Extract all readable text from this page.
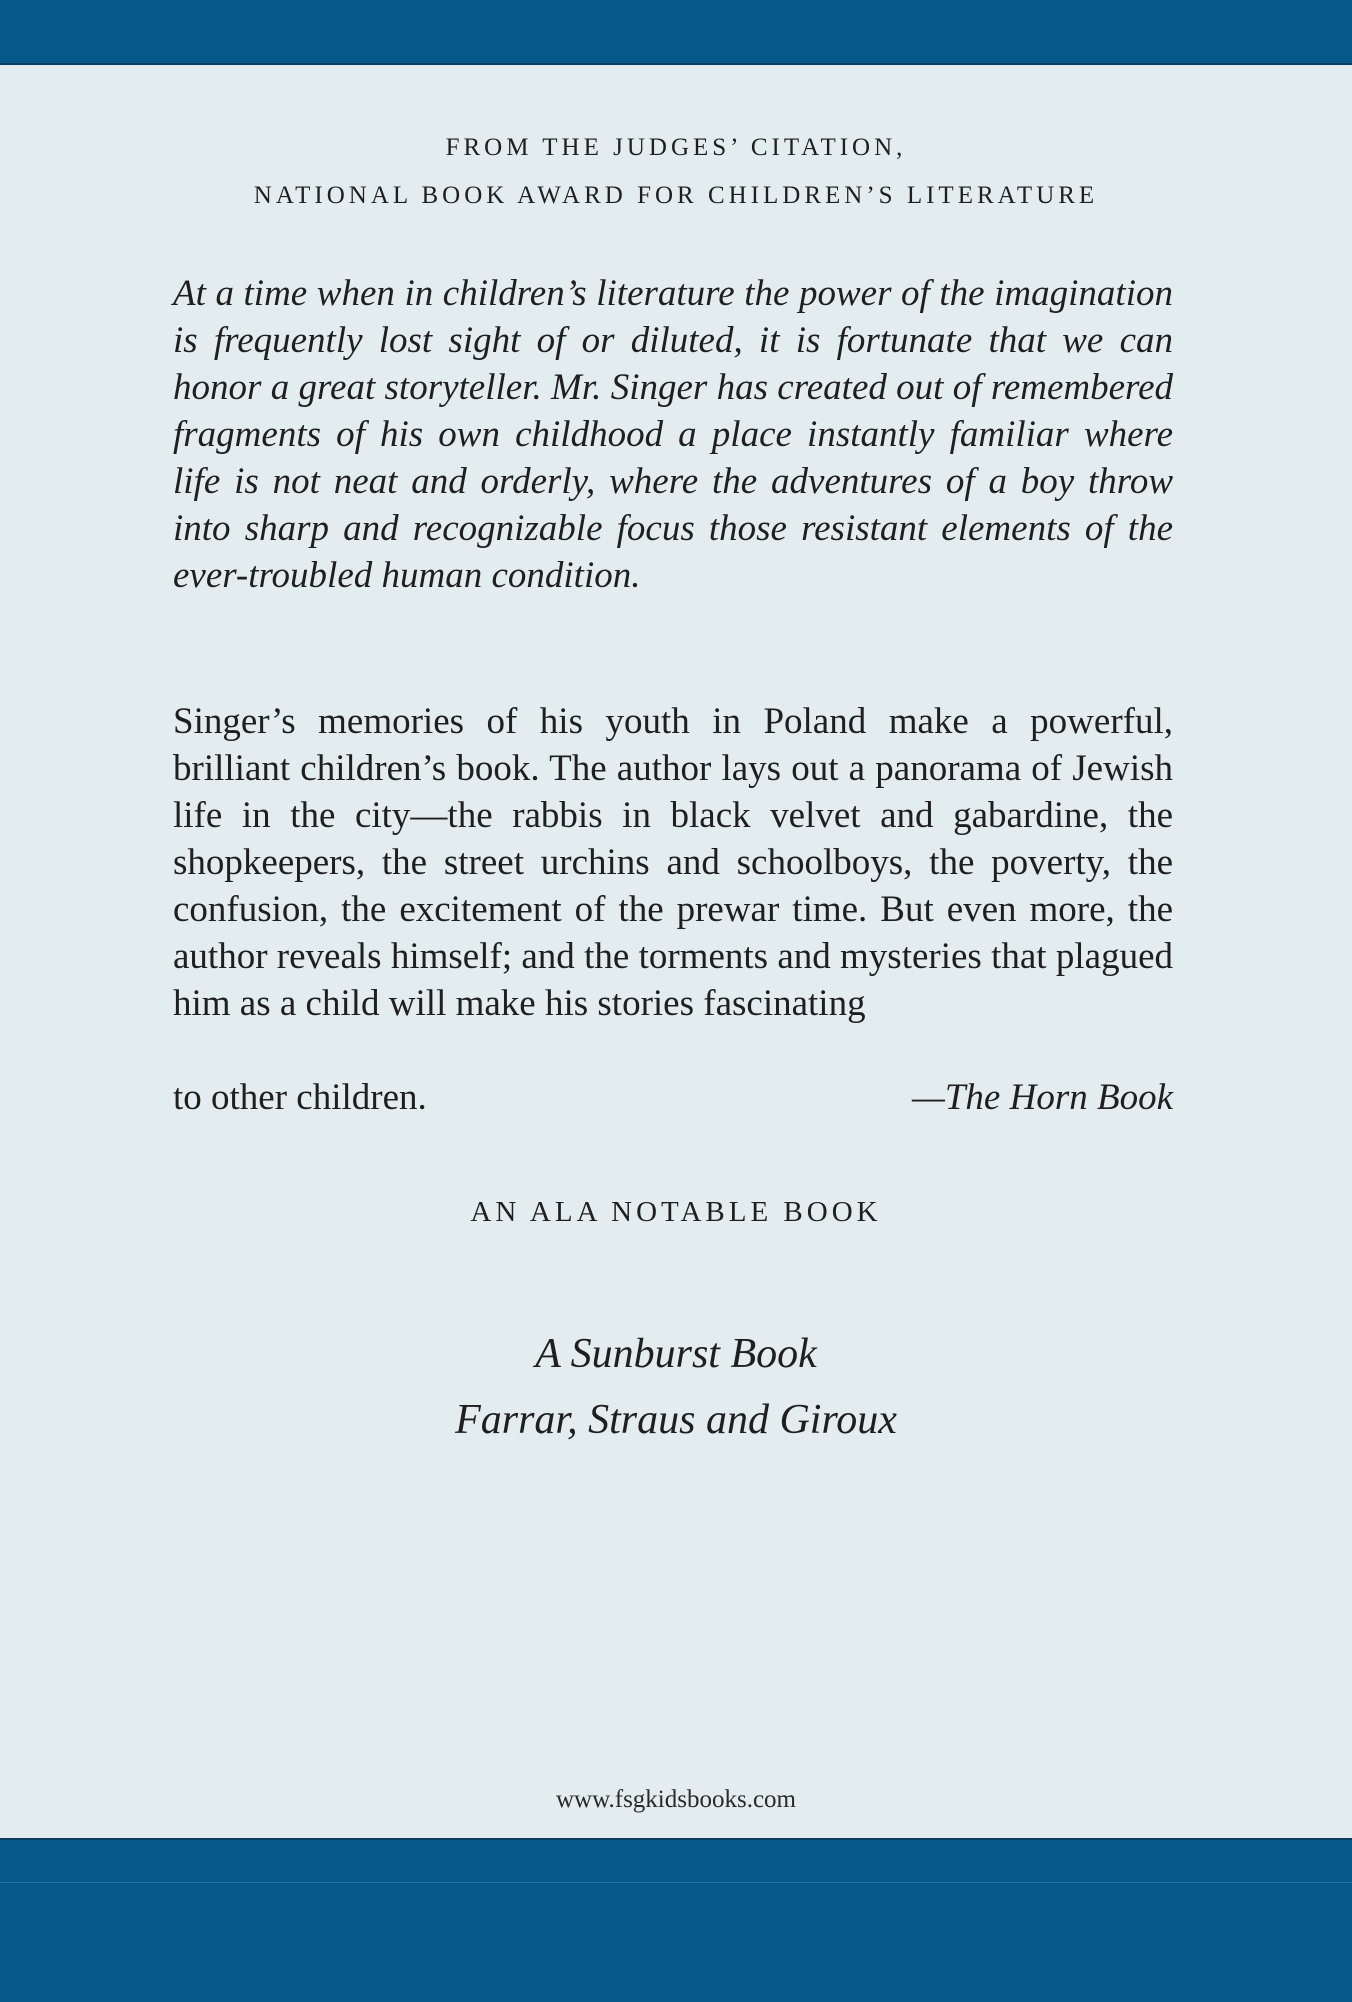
FROM THE JUDGES’ CITATION,
NATIONAL BOOK AWARD FOR CHILDREN’S LITERATURE

At a time when in children’s literature the power of the imagination is frequently lost sight of or diluted, it is fortunate that we can honor a great storyteller. Mr. Singer has created out of remembered fragments of his own childhood a place instantly familiar where life is not neat and orderly, where the adventures of a boy throw into sharp and recognizable focus those resistant elements of the ever-troubled human condition.

Singer’s memories of his youth in Poland make a powerful, brilliant children’s book. The author lays out a panorama of Jewish life in the city—the rabbis in black velvet and gabardine, the shopkeepers, the street urchins and schoolboys, the poverty, the confusion, the excitement of the prewar time. But even more, the author reveals himself; and the torments and mysteries that plagued him as a child will make his stories fascinating

to other children.	—The Horn Book
AN ALA NOTABLE BOOK
A Sunburst Book
Farrar, Straus and Giroux
www.fsgkidsbooks.com
